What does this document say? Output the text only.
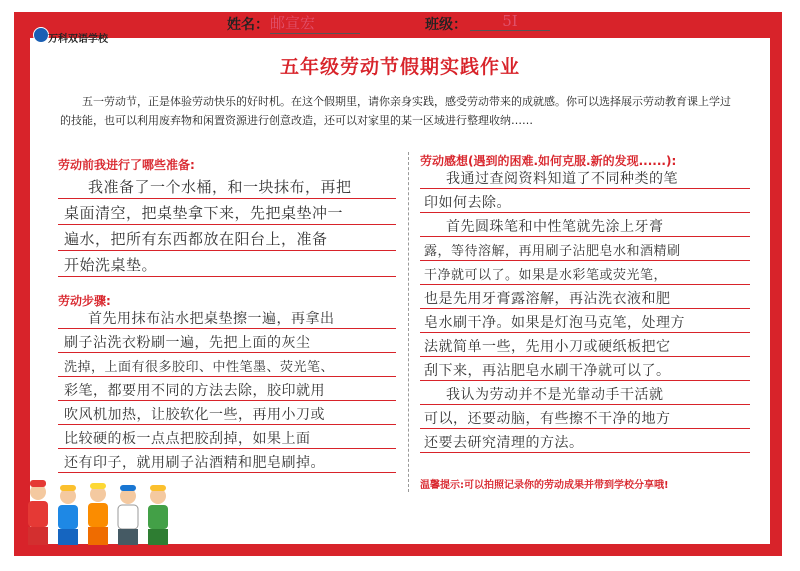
万科双语学校
姓名： 邮宣宏	班级：	5Ⅰ
五年级劳动节假期实践作业
五一劳动节，正是体验劳动快乐的好时机。在这个假期里，请你亲身实践，感受劳动带来的成就感。你可以选择展示劳动教育课上学过的技能，也可以利用废弃物和闲置资源进行创意改造，还可以对家里的某一区域进行整理收纳……
劳动前我进行了哪些准备:
我准备了一个水桶，和一块抹布，再把
桌面清空，把桌垫拿下来，先把桌垫冲一
遍水，把所有东西都放在阳台上，准备
开始洗桌垫。
劳动步骤:
首先用抹布沾水把桌垫擦一遍，再拿出
刷子沾洗衣粉刷一遍，先把上面的灰尘
洗掉，上面有很多胶印、中性笔墨、荧光笔、
彩笔，都要用不同的方法去除，胶印就用
吹风机加热，让胶软化一些，再用小刀或
比较硬的板一点点把胶刮掉，如果上面
还有印子，就用刷子沾酒精和肥皂刷掉。
劳动感想(遇到的困难.如何克服.新的发现......):
我通过查阅资料知道了不同种类的笔
印如何去除。
首先圆珠笔和中性笔就先涂上牙膏
露，等待溶解，再用刷子沾肥皂水和酒精刷
干净就可以了。如果是水彩笔或荧光笔，
也是先用牙膏露溶解，再沾洗衣液和肥
皂水刷干净。如果是灯泡马克笔，处理方
法就简单一些，先用小刀或硬纸板把它
刮下来，再沾肥皂水刷干净就可以了。
我认为劳动并不是光靠动手干活就
可以，还要动脑，有些擦不干净的地方
还要去研究清理的方法。
温馨提示:可以拍照记录你的劳动成果并带到学校分享哦!
